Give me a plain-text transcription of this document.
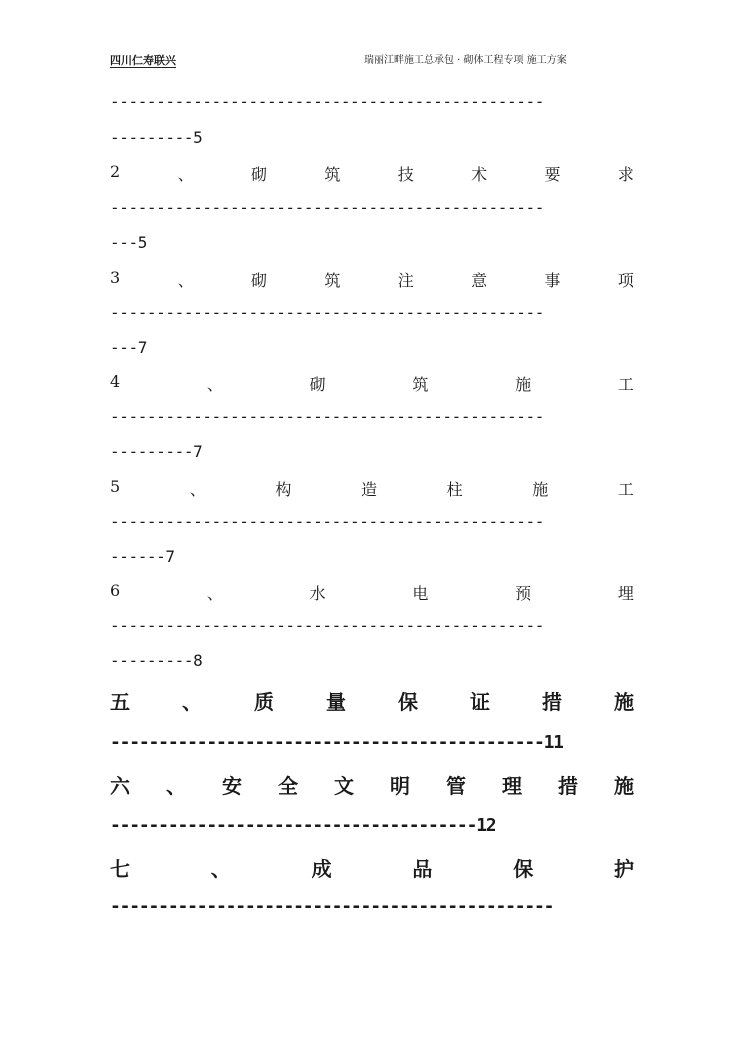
四川仁寿联兴	瑞丽江畔施工总承包 · 砌体工程专项 施工方案
-----------------------------------------------
---------5
2	、	砌	筑	技	术	要	求
-----------------------------------------------
---5
3	、	砌	筑	注	意	事	项
-----------------------------------------------
---7
4	、	砌	筑	施	工
-----------------------------------------------
---------7
5	、	构	造	柱	施	工
-----------------------------------------------
------7
6	、	水	电	预	埋
-----------------------------------------------
---------8
五	、	质	量	保	证	措	施
---------------------------------------------11
六 、 安 全 文 明 管 理 措 施
--------------------------------------12
七	、	成	品	保	护
----------------------------------------------
